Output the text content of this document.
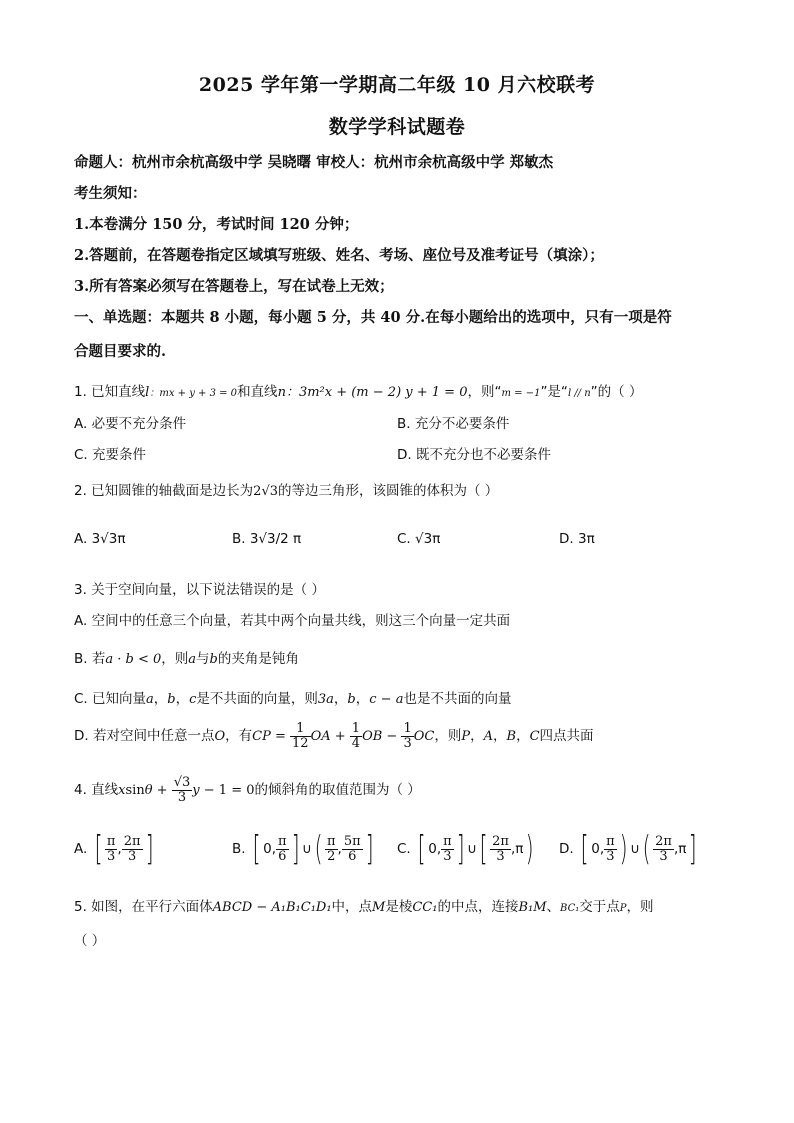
2025 学年第一学期高二年级 10 月六校联考
数学学科试题卷
命题人：杭州市余杭高级中学 吴晓曙 审校人：杭州市余杭高级中学 郑敏杰
考生须知：
1.本卷满分 150 分，考试时间 120 分钟；
2.答题前，在答题卷指定区域填写班级、姓名、考场、座位号及准考证号（填涂）；
3.所有答案必须写在答题卷上，写在试卷上无效；
一、单选题：本题共 8 小题，每小题 5 分，共 40 分.在每小题给出的选项中，只有一项是符
合题目要求的.
1. 已知直线l：mx + y + 3 = 0和直线n：3m²x + (m − 2) y + 1 = 0，则“m = −1”是“l // n”的（ ）
A. 必要不充分条件	B. 充分不必要条件
C. 充要条件	D. 既不充分也不必要条件
2. 已知圆锥的轴截面是边长为2√3的等边三角形，该圆锥的体积为（ ）
A. 3√3π	B. 3√3/2 π	C. √3π	D. 3π
3. 关于空间向量，以下说法错误的是（ ）
A. 空间中的任意三个向量，若其中两个向量共线，则这三个向量一定共面
B. 若a · b < 0，则a与b的夹角是钝角
C. 已知向量a，b，c是不共面的向量，则3a，b，c − a也是不共面的向量
D. 若对空间中任意一点O，有CP = $\frac{1}{12}$ OA + $\frac{1}{4}$ OB − $\frac{1}{3}$ OC，则P，A，B，C四点共面
4. 直线$xsin\theta + \frac{√3}{3}$ y − 1 = 0的倾斜角的取值范围为（ ）
A. [ $\frac{\pi}{3}$ , $\frac{2\pi}{3}$ ]	B. [ 0, $\frac{\pi}{6}$ ] ∪( $\frac{\pi}{2}$ , $\frac{5\pi}{6}$ ] C. [ 0, $\frac{\pi}{3}$ ] ∪[ $\frac{2\pi}{3} ,\pi$) D. [ 0, $\frac{\pi}{3}$ ) ∪( $\frac{2\pi}{3} ,\pi$]
5. 如图，在平行六面体ABCD − A₁B₁C₁D₁中，点M是棱CC₁的中点，连接B₁M、BC₁交于点P，则
（ ）
